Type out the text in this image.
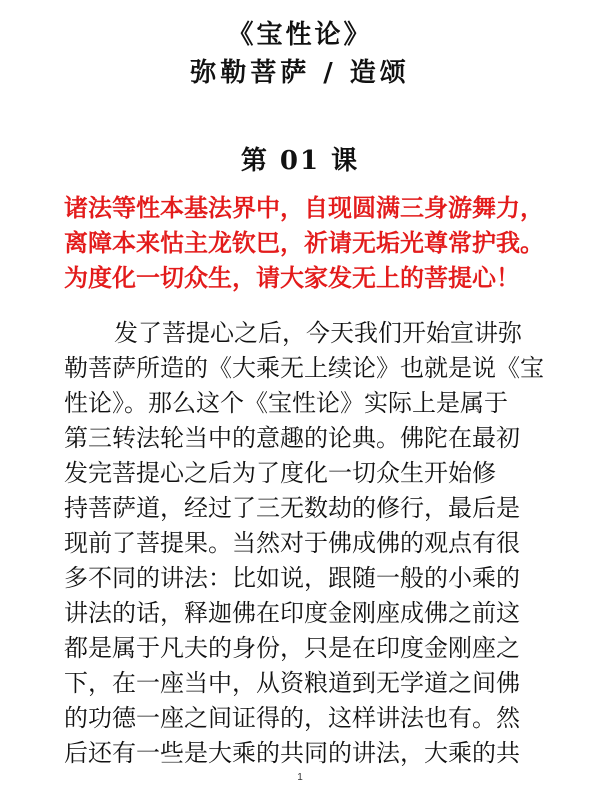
《宝性论》
弥勒菩萨 / 造颂
第 01 课
诸法等性本基法界中，自现圆满三身游舞力，
离障本来怙主龙钦巴，祈请无垢光尊常护我。
为度化一切众生，请大家发无上的菩提心！
发了菩提心之后，今天我们开始宣讲弥
勒菩萨所造的《大乘无上续论》也就是说《宝
性论》。那么这个《宝性论》实际上是属于
第三转法轮当中的意趣的论典。佛陀在最初
发完菩提心之后为了度化一切众生开始修
持菩萨道，经过了三无数劫的修行，最后是
现前了菩提果。当然对于佛成佛的观点有很
多不同的讲法：比如说，跟随一般的小乘的
讲法的话，释迦佛在印度金刚座成佛之前这
都是属于凡夫的身份，只是在印度金刚座之
下，在一座当中，从资粮道到无学道之间佛
的功德一座之间证得的，这样讲法也有。然
后还有一些是大乘的共同的讲法，大乘的共
1
